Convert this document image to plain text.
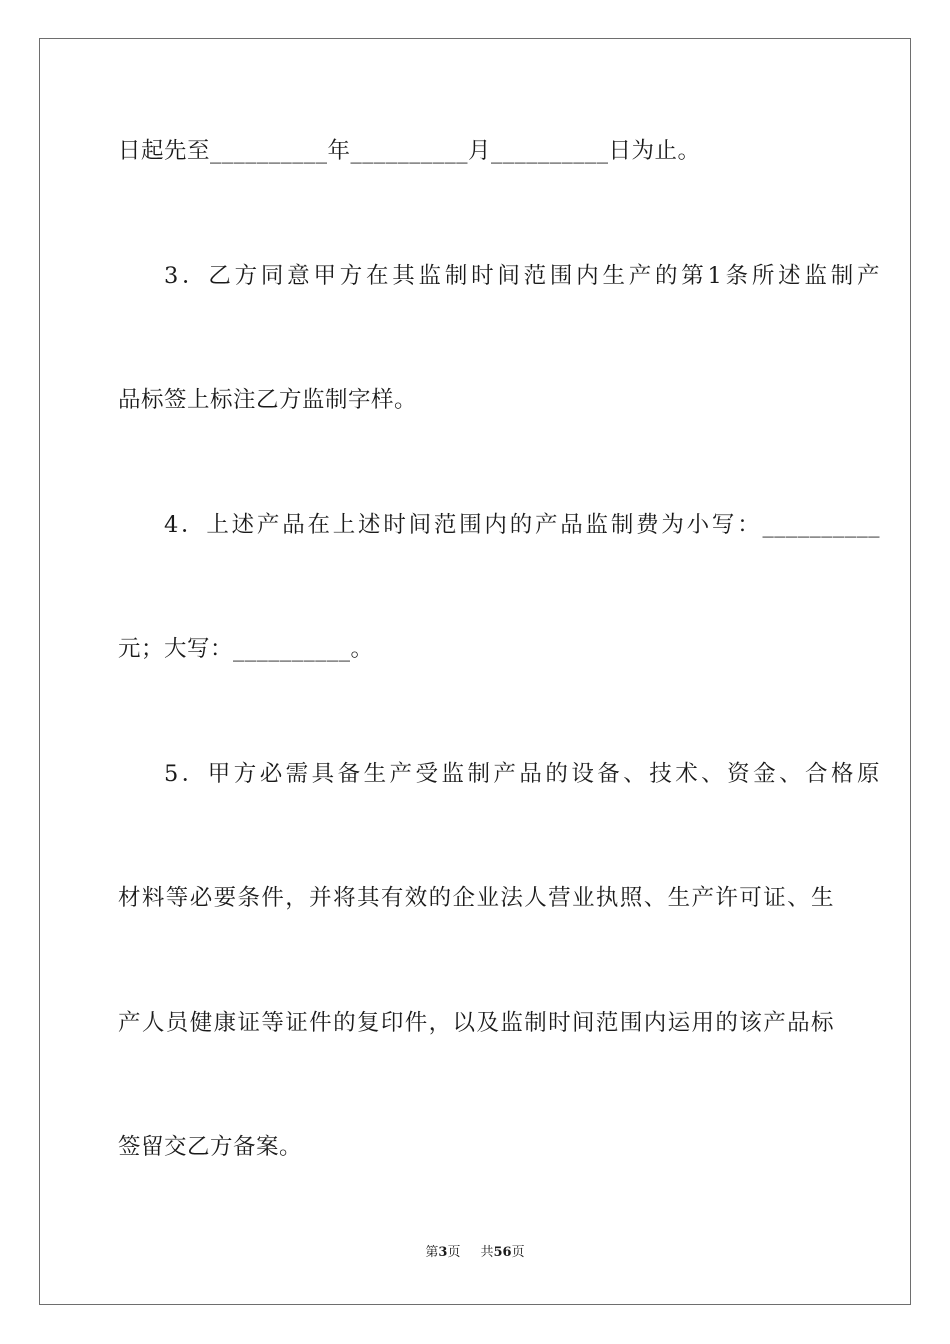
日起先至__________年__________月__________日为止。
3．乙方同意甲方在其监制时间范围内生产的第1条所述监制产
品标签上标注乙方监制字样。
4．上述产品在上述时间范围内的产品监制费为小写：__________
元；大写：__________。
5．甲方必需具备生产受监制产品的设备、技术、资金、合格原
材料等必要条件，并将其有效的企业法人营业执照、生产许可证、生
产人员健康证等证件的复印件，以及监制时间范围内运用的该产品标
签留交乙方备案。
第3页 共56页
